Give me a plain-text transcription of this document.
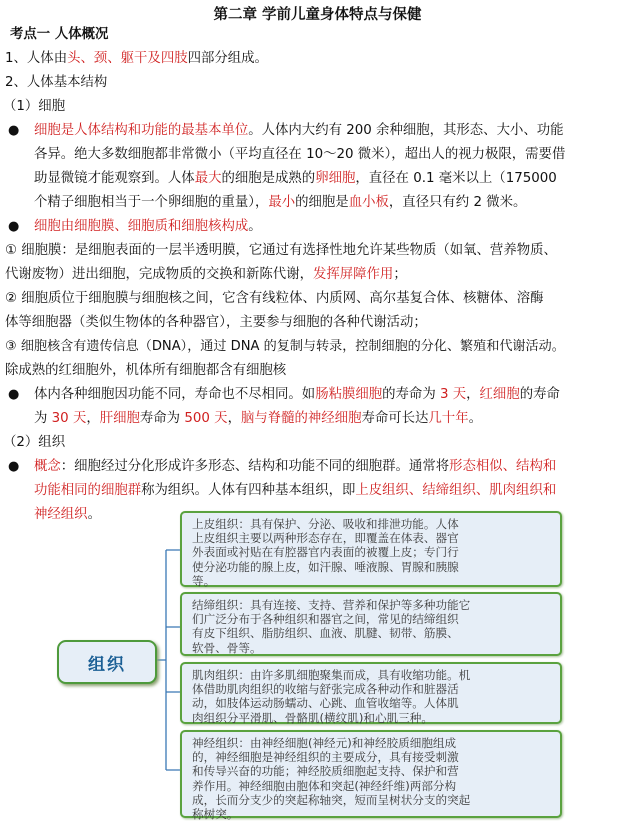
第二章 学前儿童身体特点与保健
考点一 人体概况
1、人体由头、颈、躯干及四肢四部分组成。
2、人体基本结构
（1）细胞
● 细胞是人体结构和功能的最基本单位。人体内大约有 200 余种细胞，其形态、大小、功能
各异。绝大多数细胞都非常微小（平均直径在 10～20 微米），超出人的视力极限，需要借
助显微镜才能观察到。人体最大的细胞是成熟的卵细胞，直径在 0.1 毫米以上（175000
个精子细胞相当于一个卵细胞的重量），最小的细胞是血小板，直径只有约 2 微米。
● 细胞由细胞膜、细胞质和细胞核构成。
① 细胞膜：是细胞表面的一层半透明膜，它通过有选择性地允许某些物质（如氧、营养物质、
代谢废物）进出细胞，完成物质的交换和新陈代谢，发挥屏障作用；
② 细胞质位于细胞膜与细胞核之间，它含有线粒体、内质网、高尔基复合体、核糖体、溶酶
体等细胞器（类似生物体的各种器官），主要参与细胞的各种代谢活动；
③ 细胞核含有遗传信息（DNA），通过 DNA 的复制与转录，控制细胞的分化、繁殖和代谢活动。
除成熟的红细胞外，机体所有细胞都含有细胞核
● 体内各种细胞因功能不同，寿命也不尽相同。如肠粘膜细胞的寿命为 3 天，红细胞的寿命
为 30 天，肝细胞寿命为 500 天，脑与脊髓的神经细胞寿命可长达几十年。
（2）组织
● 概念：细胞经过分化形成许多形态、结构和功能不同的细胞群。通常将形态相似、结构和
功能相同的细胞群称为组织。人体有四种基本组织，即上皮组织、结缔组织、肌肉组织和
神经组织。
组织
上皮组织：具有保护、分泌、吸收和排泄功能。人体
上皮组织主要以两种形态存在，即覆盖在体表、器官
外表面或衬贴在有腔器官内表面的被覆上皮；专门行
使分泌功能的腺上皮，如汗腺、唾液腺、胃腺和胰腺
等。
结缔组织：具有连接、支持、营养和保护等多种功能它
们广泛分布于各种组织和器官之间，常见的结缔组织
有皮下组织、脂肪组织、血液、肌腱、韧带、筋膜、
软骨、骨等。
肌肉组织：由许多肌细胞聚集而成，具有收缩功能。机
体借助肌肉组织的收缩与舒张完成各种动作和脏器活
动，如肢体运动肠蠕动、心跳、血管收缩等。人体肌
肉组织分平滑肌、骨骼肌(横纹肌)和心肌三种。
神经组织：由神经细胞(神经元)和神经胶质细胞组成
的，神经细胞是神经组织的主要成分，具有接受刺激
和传导兴奋的功能；神经胶质细胞起支持、保护和营
养作用。神经细胞由胞体和突起(神经纤维)两部分构
成，长而分支少的突起称轴突，短而呈树状分支的突起
称树突。
